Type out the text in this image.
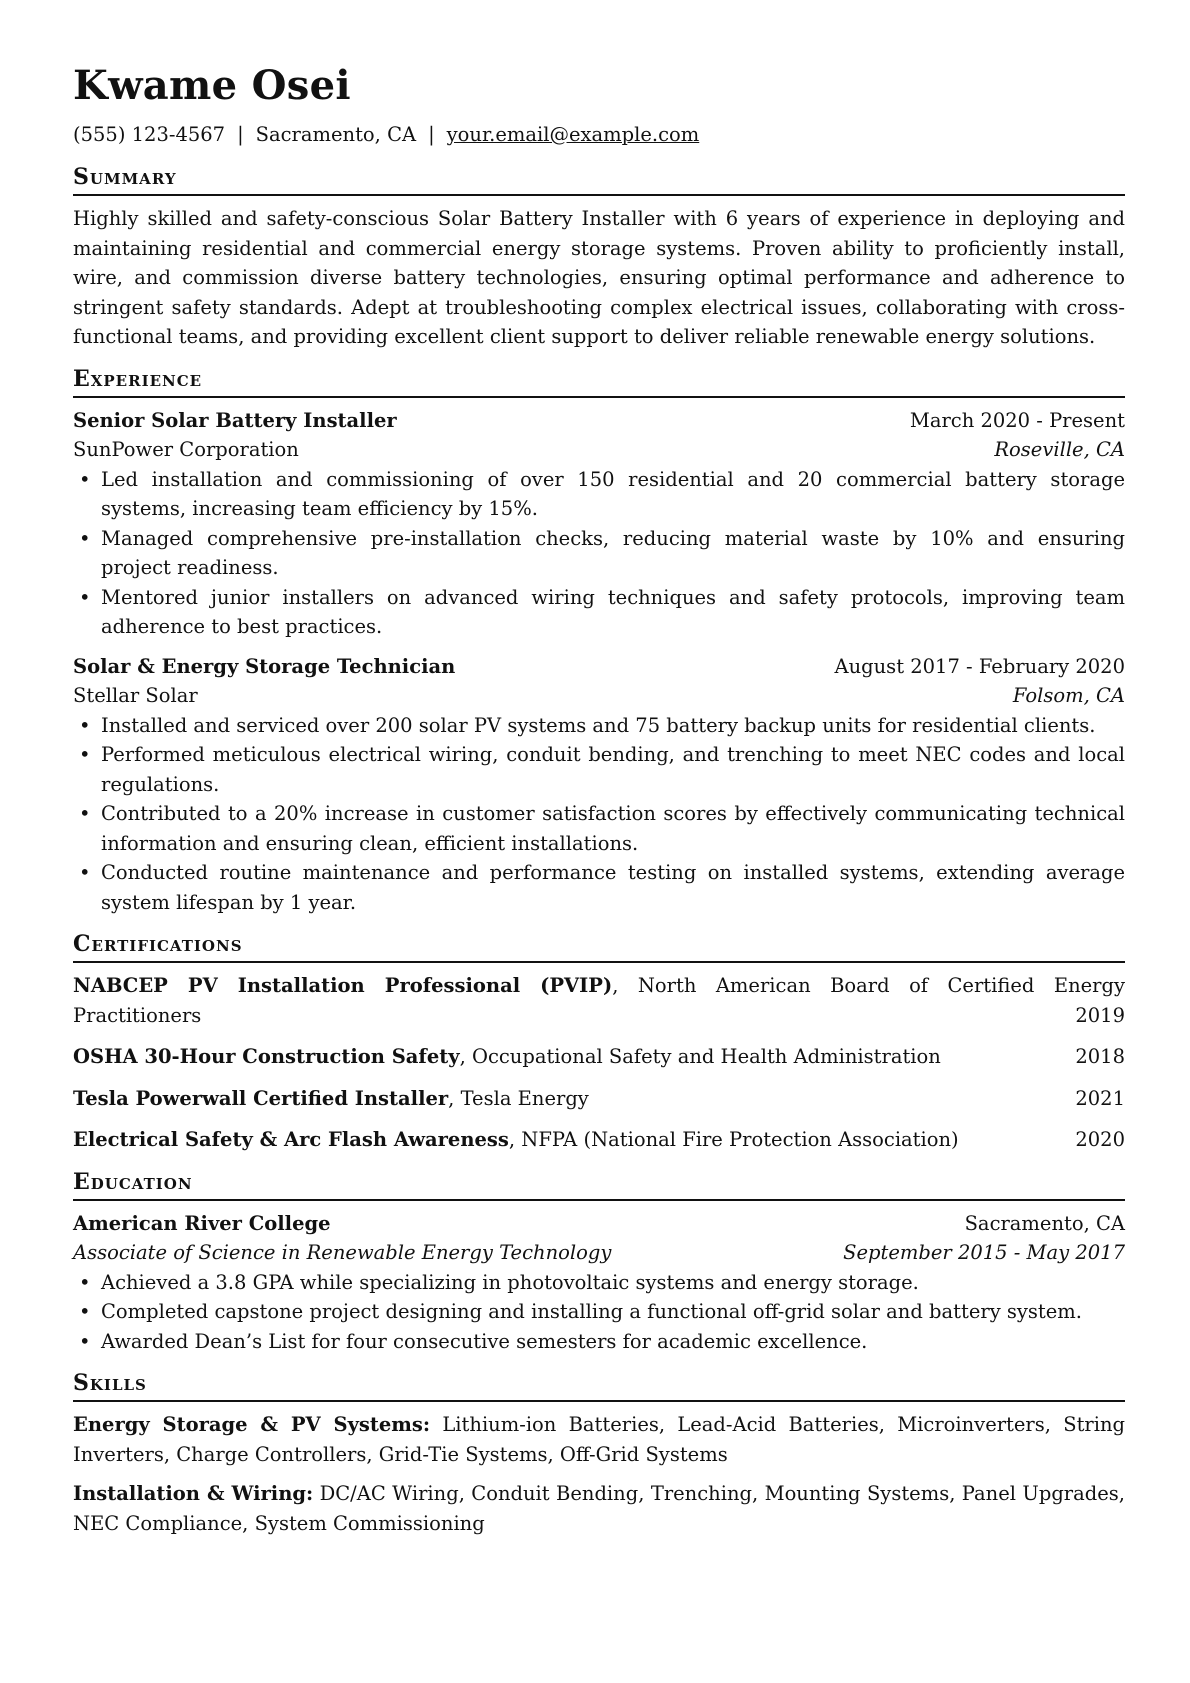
Kwame Osei
(555) 123-4567 | Sacramento, CA | your.email@example.com
Summary
Highly skilled and safety-conscious Solar Battery Installer with 6 years of experience in deploying and maintaining residential and commercial energy storage systems. Proven ability to proficiently install, wire, and commission diverse battery technologies, ensuring optimal performance and adherence to stringent safety standards. Adept at troubleshooting complex electrical issues, collaborating with cross-functional teams, and providing excellent client support to deliver reliable renewable energy solutions.
Experience
Senior Solar Battery Installer	March 2020 - Present
SunPower Corporation	Roseville, CA
• Led installation and commissioning of over 150 residential and 20 commercial battery storage systems, increasing team efficiency by 15%.
• Managed comprehensive pre-installation checks, reducing material waste by 10% and ensuring project readiness.
• Mentored junior installers on advanced wiring techniques and safety protocols, improving team adherence to best practices.
Solar & Energy Storage Technician	August 2017 - February 2020
Stellar Solar	Folsom, CA
• Installed and serviced over 200 solar PV systems and 75 battery backup units for residential clients.
• Performed meticulous electrical wiring, conduit bending, and trenching to meet NEC codes and local regulations.
• Contributed to a 20% increase in customer satisfaction scores by effectively communicating technical information and ensuring clean, efficient installations.
• Conducted routine maintenance and performance testing on installed systems, extending average system lifespan by 1 year.
Certifications
NABCEP PV Installation Professional (PVIP), North American Board of Certified Energy Practitioners	2019
OSHA 30-Hour Construction Safety, Occupational Safety and Health Administration	2018
Tesla Powerwall Certified Installer, Tesla Energy	2021
Electrical Safety & Arc Flash Awareness, NFPA (National Fire Protection Association)	2020
Education
American River College	Sacramento, CA
Associate of Science in Renewable Energy Technology	September 2015 - May 2017
• Achieved a 3.8 GPA while specializing in photovoltaic systems and energy storage.
• Completed capstone project designing and installing a functional off-grid solar and battery system.
• Awarded Dean’s List for four consecutive semesters for academic excellence.
Skills
Energy Storage & PV Systems: Lithium-ion Batteries, Lead-Acid Batteries, Microinverters, String Inverters, Charge Controllers, Grid-Tie Systems, Off-Grid Systems
Installation & Wiring: DC/AC Wiring, Conduit Bending, Trenching, Mounting Systems, Panel Upgrades, NEC Compliance, System Commissioning
